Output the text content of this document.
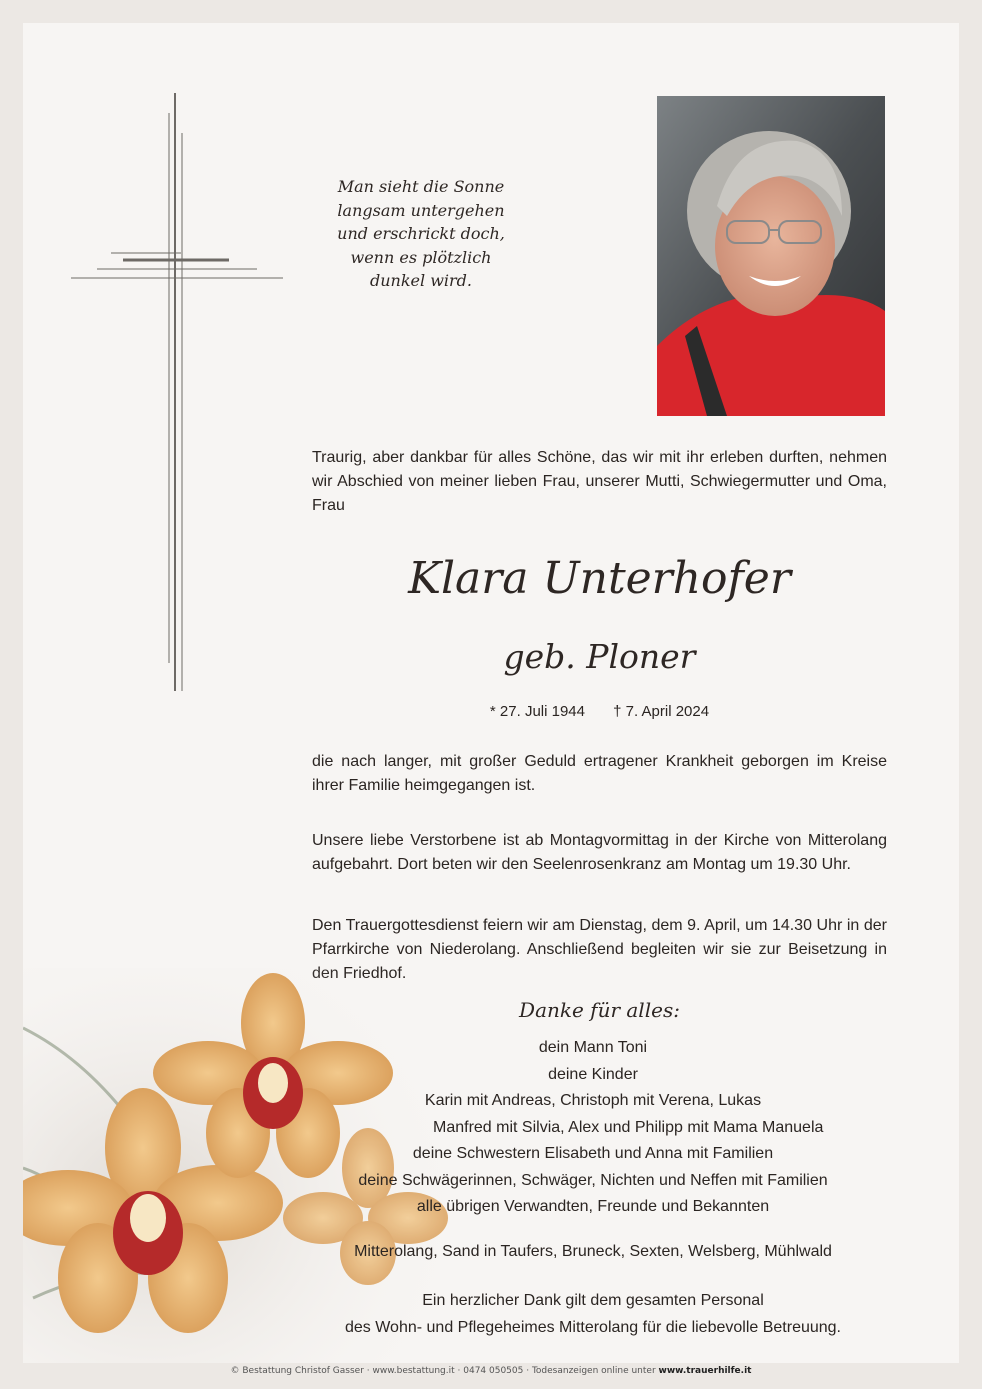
Man sieht die Sonne
langsam untergehen
und erschrickt doch,
wenn es plötzlich
dunkel wird.
Traurig, aber dankbar für alles Schöne, das wir mit ihr erleben durften, nehmen wir Abschied von meiner lieben Frau, unserer Mutti, Schwiegermutter und Oma, Frau
Klara Unterhofer
geb. Ploner
* 27. Juli 1944 † 7. April 2024
die nach langer, mit großer Geduld ertragener Krankheit geborgen im Kreise ihrer Familie heimgegangen ist.
Unsere liebe Verstorbene ist ab Montagvormittag in der Kirche von Mitterolang aufgebahrt. Dort beten wir den Seelenrosenkranz am Montag um 19.30 Uhr.
Den Trauergottesdienst feiern wir am Dienstag, dem 9. April, um 14.30 Uhr in der Pfarrkirche von Niederolang. Anschließend begleiten wir sie zur Beisetzung in
Danke für alles:
dein Mann Toni
deine Kinder
Karin mit Andreas, Christoph mit Verena, Lukas
Manfred mit Silvia, Alex und Philipp mit Mama Manuela
deine Schwestern Elisabeth und Anna mit Familien
deine Schwägerinnen, Schwäger, Nichten und Neffen mit Familien
alle übrigen Verwandten, Freunde und Bekannten
Mitterolang, Sand in Taufers, Bruneck, Sexten, Welsberg, Mühlwald
Ein herzlicher Dank gilt dem gesamten Personal
des Wohn- und Pflegeheimes Mitterolang für die liebevolle Betreuung.
© Bestattung Christof Gasser · www.bestattung.it · 0474 050505 · Todesanzeigen online unter www.trauerhilfe.it
